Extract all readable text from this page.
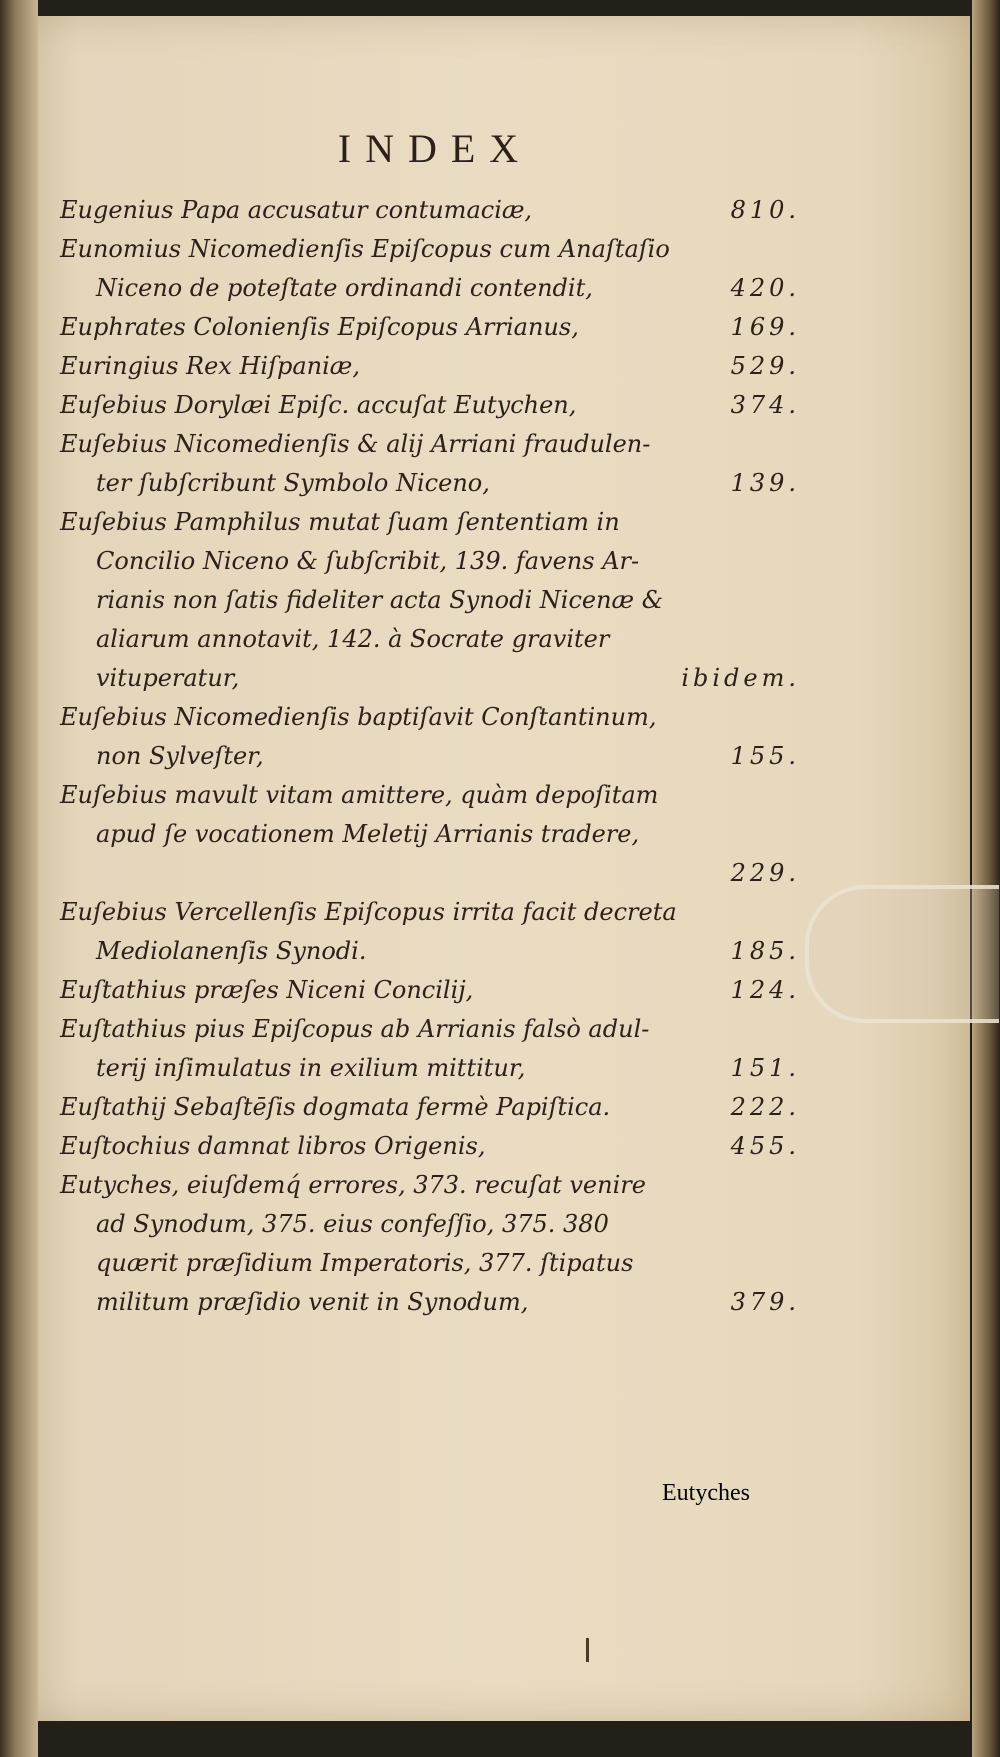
INDEX
Eugenius Papa accusatur contumaciæ,	810.
Eunomius Nicomedienſis Epiſcopus cum Anaſtaſio
Niceno de poteſtate ordinandi contendit,	420.
Euphrates Colonienſis Epiſcopus Arrianus,	169.
Euringius Rex Hiſpaniæ,	529.
Euſebius Dorylæi Epiſc. accuſat Eutychen,	374.
Euſebius Nicomedienſis & alij Arriani fraudulen-
ter ſubſcribunt Symbolo Niceno,	139.
Euſebius Pamphilus mutat ſuam ſententiam in
Concilio Niceno & ſubſcribit, 139. favens Ar-
rianis non ſatis fideliter acta Synodi Nicenæ &
aliarum annotavit, 142. à Socrate graviter
vituperatur,	ibidem.
Euſebius Nicomedienſis baptiſavit Conſtantinum,
non Sylveſter,	155.
Euſebius mavult vitam amittere, quàm depoſitam
apud ſe vocationem Meletij Arrianis tradere,
229.
Euſebius Vercellenſis Epiſcopus irrita facit decreta
Mediolanenſis Synodi.	185.
Euſtathius præſes Niceni Concilij,	124.
Euſtathius pius Epiſcopus ab Arrianis falsò adul-
terij inſimulatus in exilium mittitur,	151.
Euſtathij Sebaſtēſis dogmata fermè Papiſtica.	222.
Euſtochius damnat libros Origenis,	455.
Eutyches, eiuſdemq́ errores, 373. recuſat venire
ad Synodum, 375. eius confeſſio, 375. 380
quærit præſidium Imperatoris, 377. ſtipatus
militum præſidio venit in Synodum,	379.
Eutyches
